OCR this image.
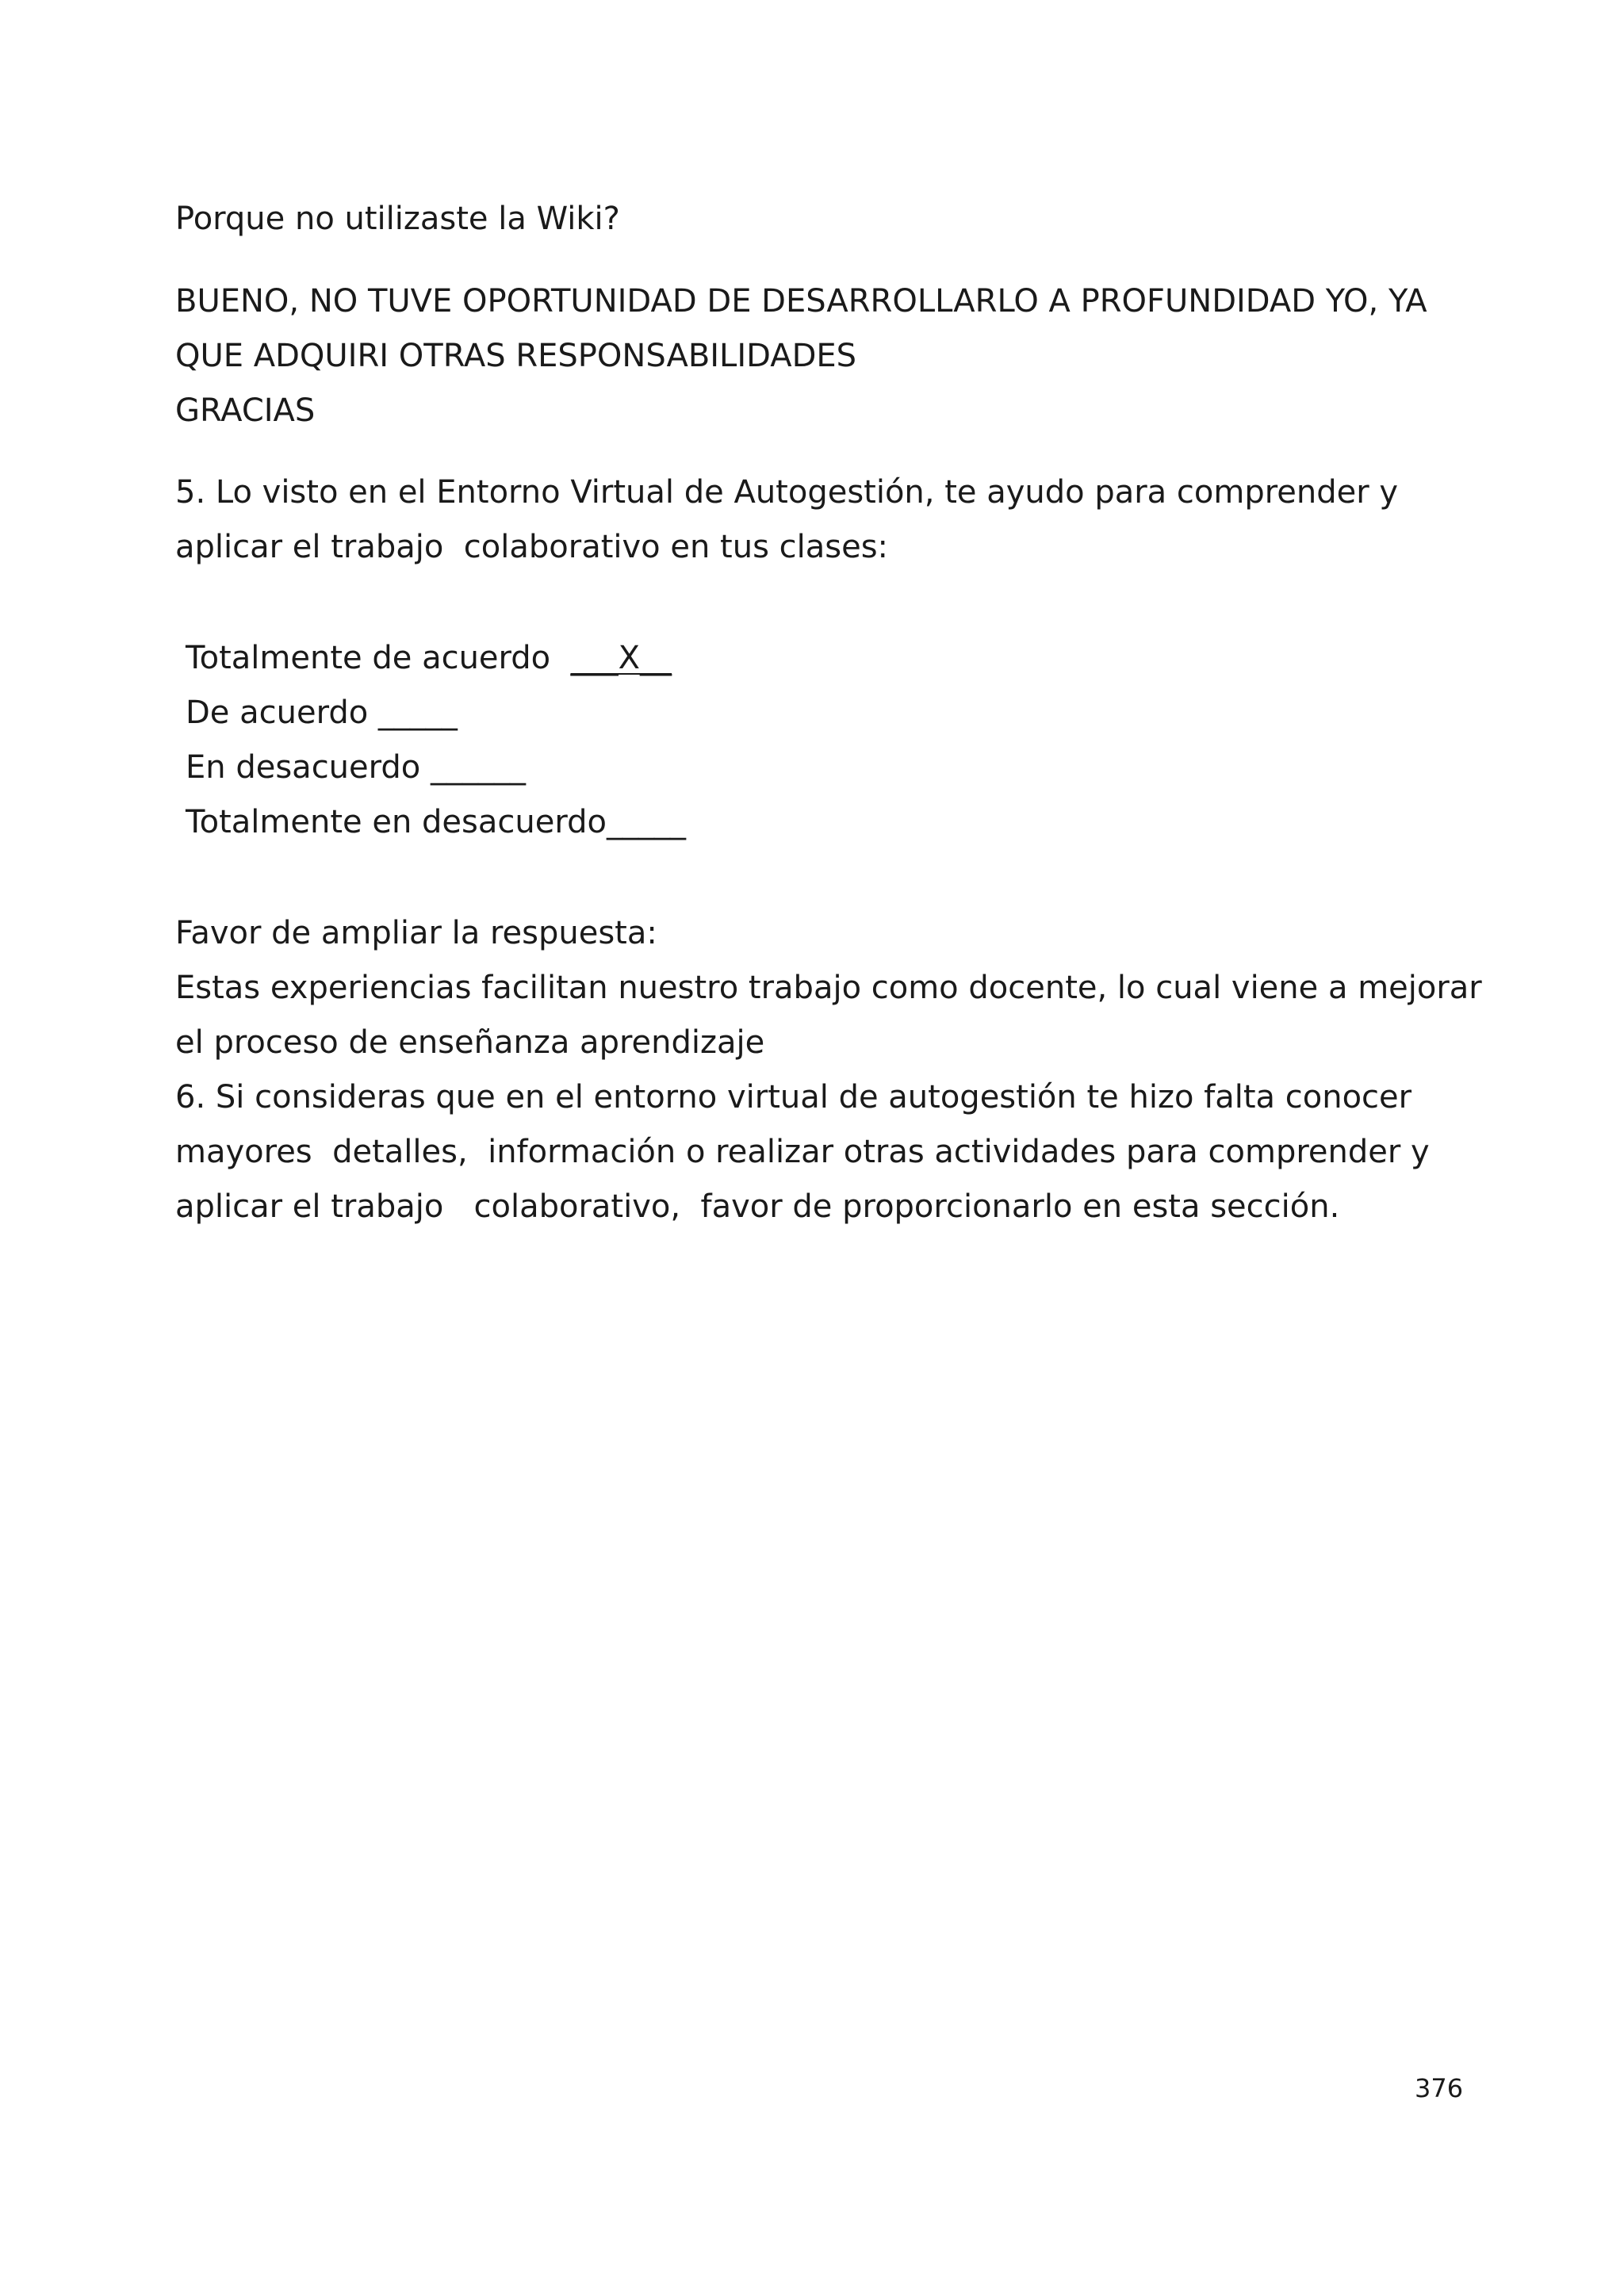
Porque no utilizaste la Wiki?

BUENO, NO TUVE OPORTUNIDAD DE DESARROLLARLO A PROFUNDIDAD YO, YA

QUE ADQUIRI OTRAS RESPONSABILIDADES

GRACIAS

5. Lo visto en el Entorno Virtual de Autogestión, te ayudo para comprender y

aplicar el trabajo  colaborativo en tus clases:

Totalmente de acuerdo  ___X__

De acuerdo _____

En desacuerdo ______

Totalmente en desacuerdo_____

Favor de ampliar la respuesta:

Estas experiencias facilitan nuestro trabajo como docente, lo cual viene a mejorar

el proceso de enseñanza aprendizaje

6. Si consideras que en el entorno virtual de autogestión te hizo falta conocer

mayores  detalles,  información o realizar otras actividades para comprender y

aplicar el trabajo   colaborativo,  favor de proporcionarlo en esta sección.

376
